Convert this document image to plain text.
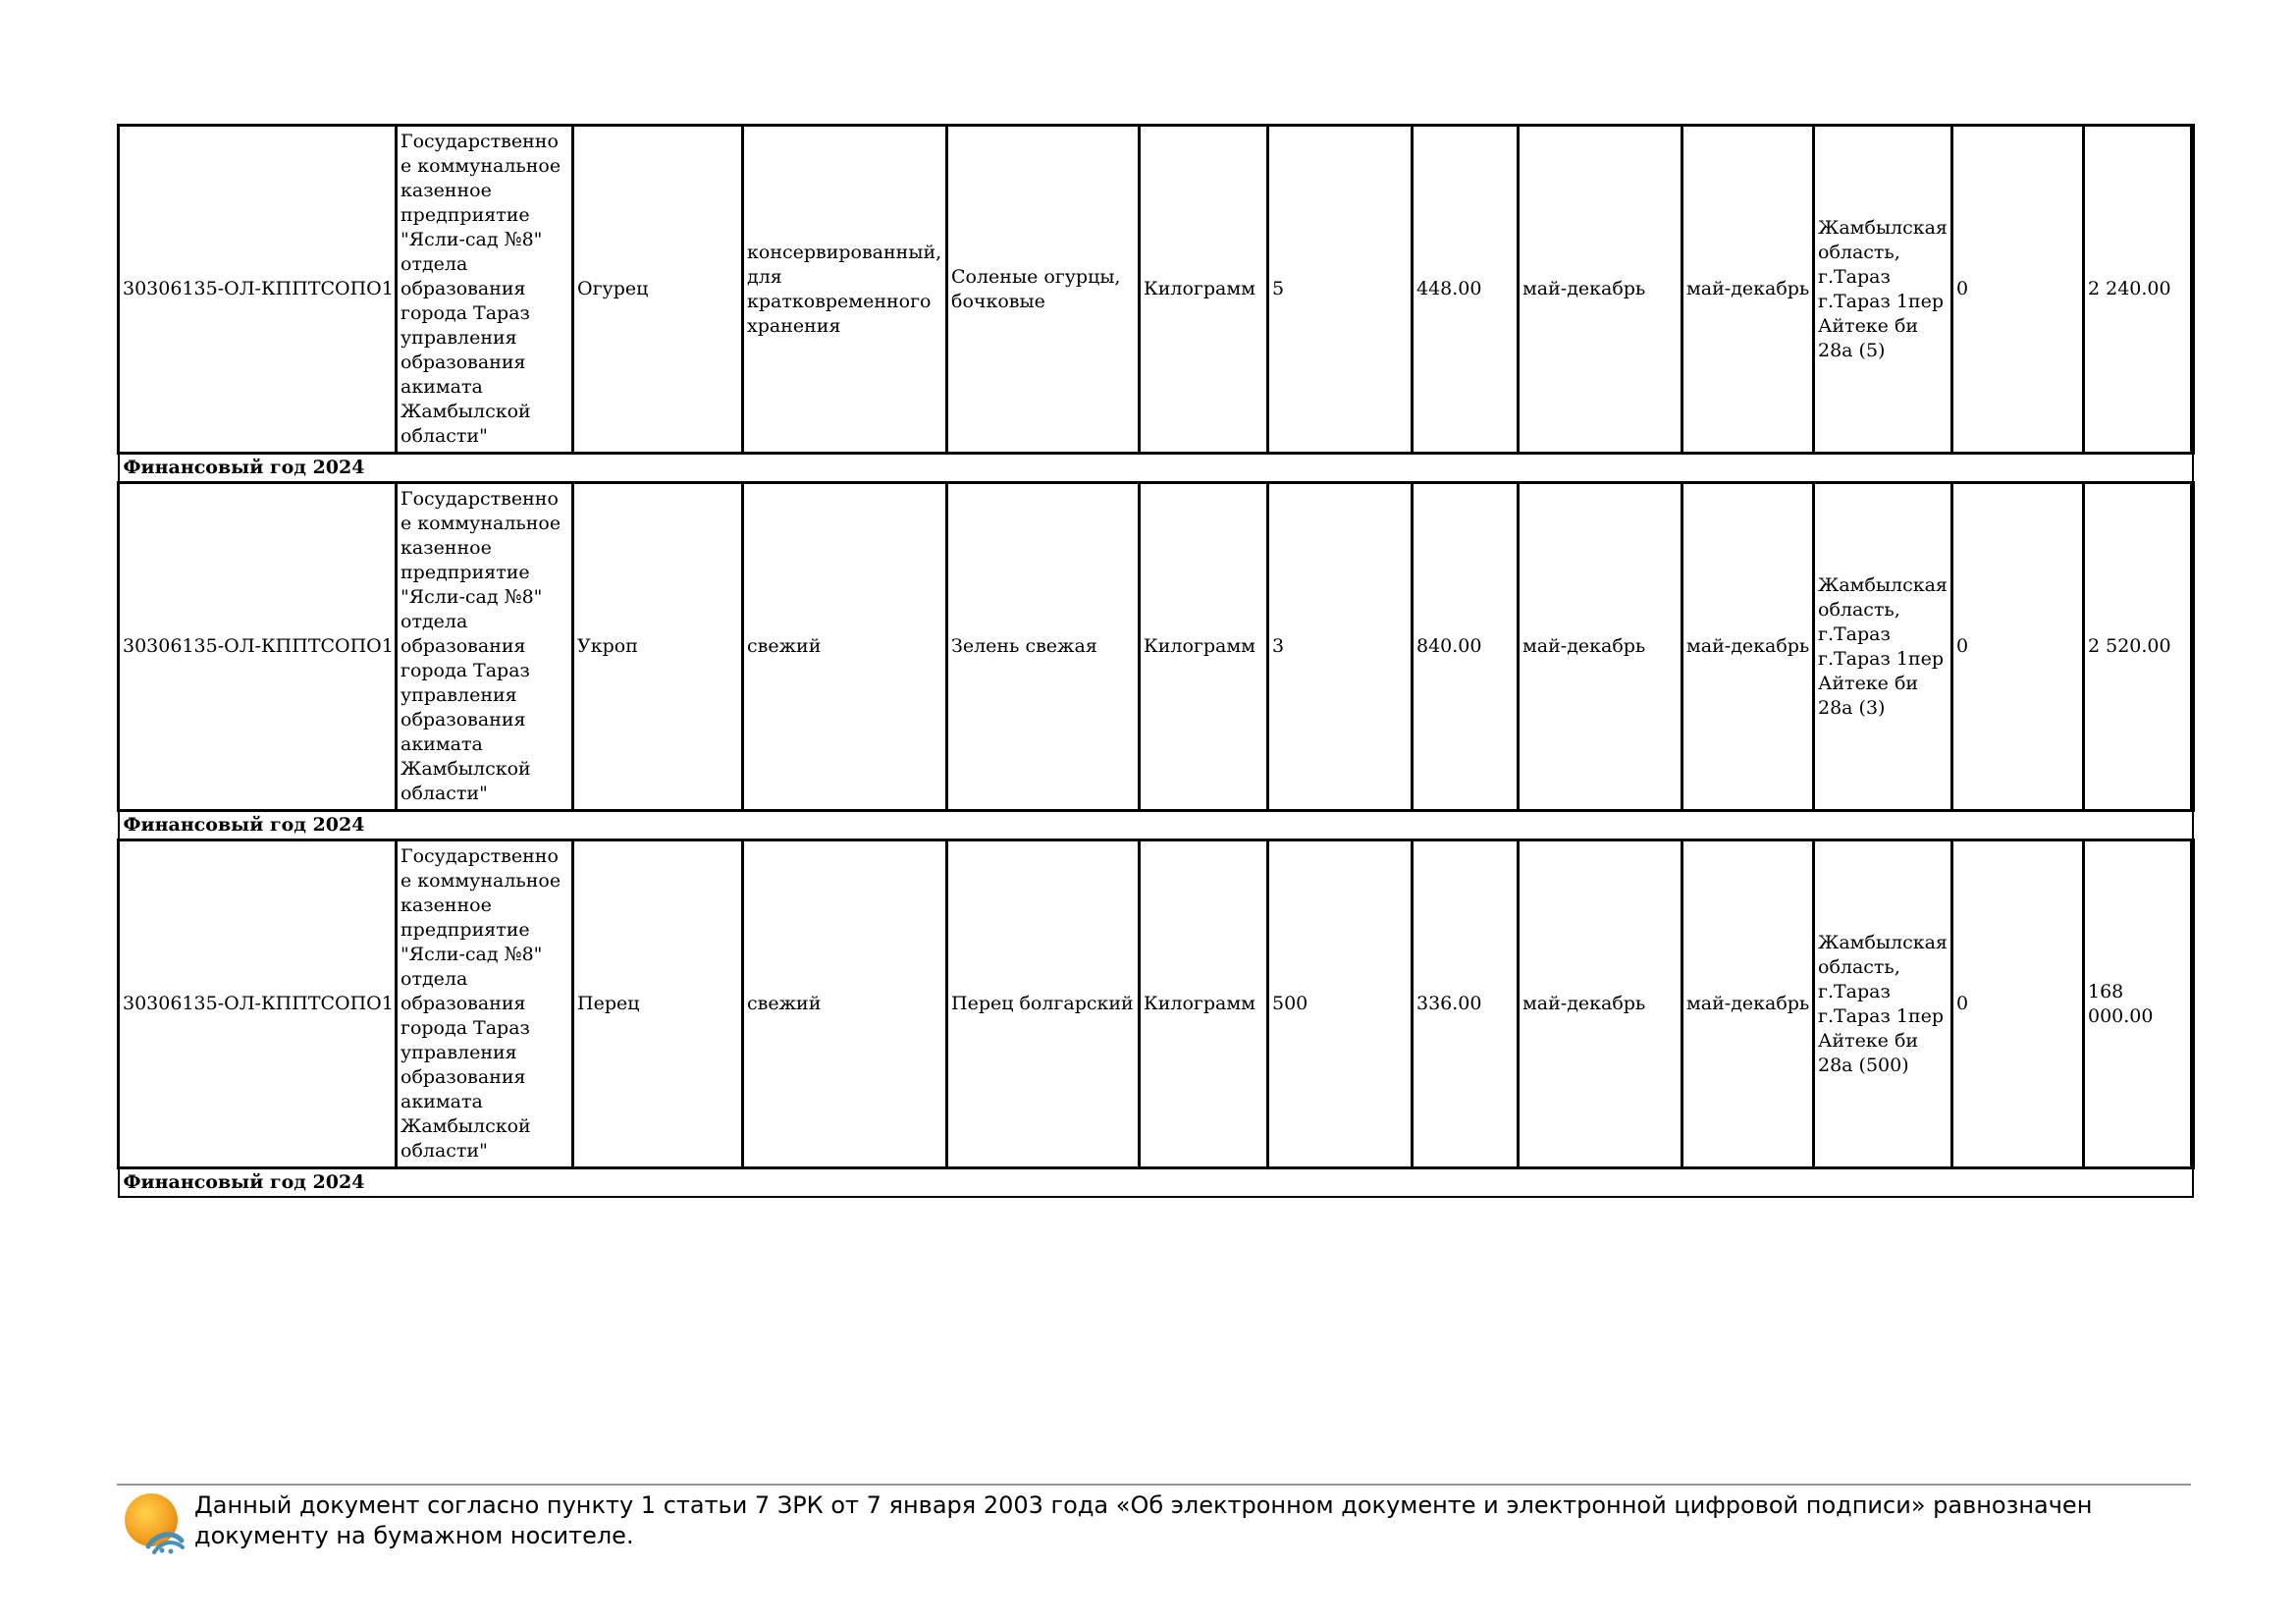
30306135-ОЛ-КППТСОПО1	Государственное коммунальное казенное предприятие "Ясли-сад №8" отдела образования города Тараз управления образования акимата Жамбылской области"	Огурец	консервированный, для кратковременного хранения	Соленые огурцы, бочковые	Килограмм	5	448.00	май-декабрь	май-декабрь	Жамбылская область, г.Тараз г.Тараз 1пер Айтеке би 28а (5)	0	2 240.00
Финансовый год 2024												
30306135-ОЛ-КППТСОПО1	Государственное коммунальное казенное предприятие "Ясли-сад №8" отдела образования города Тараз управления образования акимата Жамбылской области"	Укроп	свежий	Зелень свежая	Килограмм	3	840.00	май-декабрь	май-декабрь	Жамбылская область, г.Тараз г.Тараз 1пер Айтеке би 28а (3)	0	2 520.00
Финансовый год 2024												
30306135-ОЛ-КППТСОПО1	Государственное коммунальное казенное предприятие "Ясли-сад №8" отдела образования города Тараз управления образования акимата Жамбылской области"	Перец	свежий	Перец болгарский	Килограмм	500	336.00	май-декабрь	май-декабрь	Жамбылская область, г.Тараз г.Тараз 1пер Айтеке би 28а (500)	0	168 000.00
Финансовый год 2024												
Данный документ согласно пункту 1 статьи 7 ЗРК от 7 января 2003 года «Об электронном документе и электронной цифровой подписи» равнозначен документу на бумажном носителе.
